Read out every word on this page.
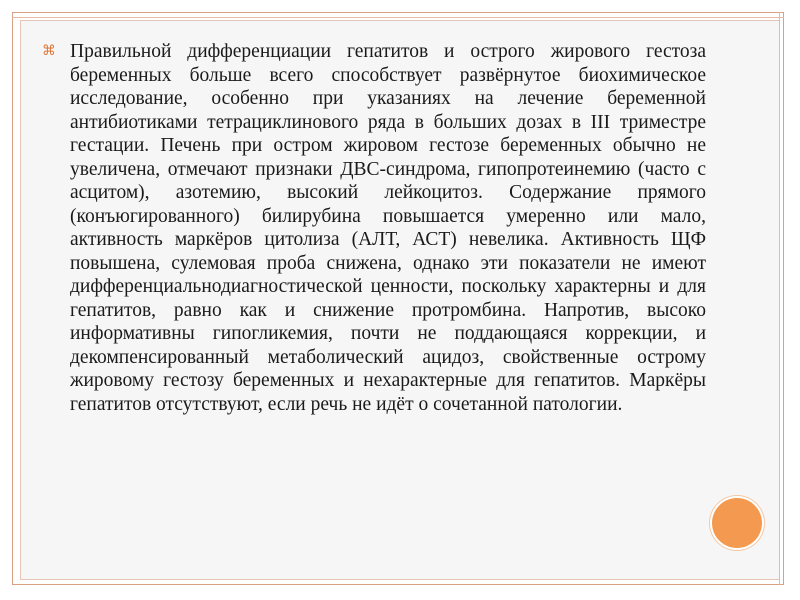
⌘ Правильной дифференциации гепатитов и острого жирового гестоза беременных больше всего способствует развёрнутое биохимическое исследование, особенно при указаниях на лечение беременной антибиотиками тетрациклинового ряда в больших дозах в III триместре гестации. Печень при остром жировом гестозе беременных обычно не увеличена, отмечают признаки ДВС-синдрома, гипопротеинемию (часто с асцитом), азотемию, высокий лейкоцитоз. Содержание прямого (конъюгированного) билирубина повышается умеренно или мало, активность маркёров цитолиза (АЛТ, АСТ) невелика. Активность ЩФ повышена, сулемовая проба снижена, однако эти показатели не имеют дифференциальнодиагностической ценности, поскольку характерны и для гепатитов, равно как и снижение протромбина. Напротив, высоко информативны гипогликемия, почти не поддающаяся коррекции, и декомпенсированный метаболический ацидоз, свойственные острому жировому гестозу беременных и нехарактерные для гепатитов. Маркёры гепатитов отсутствуют, если речь не идёт о сочетанной патологии.
